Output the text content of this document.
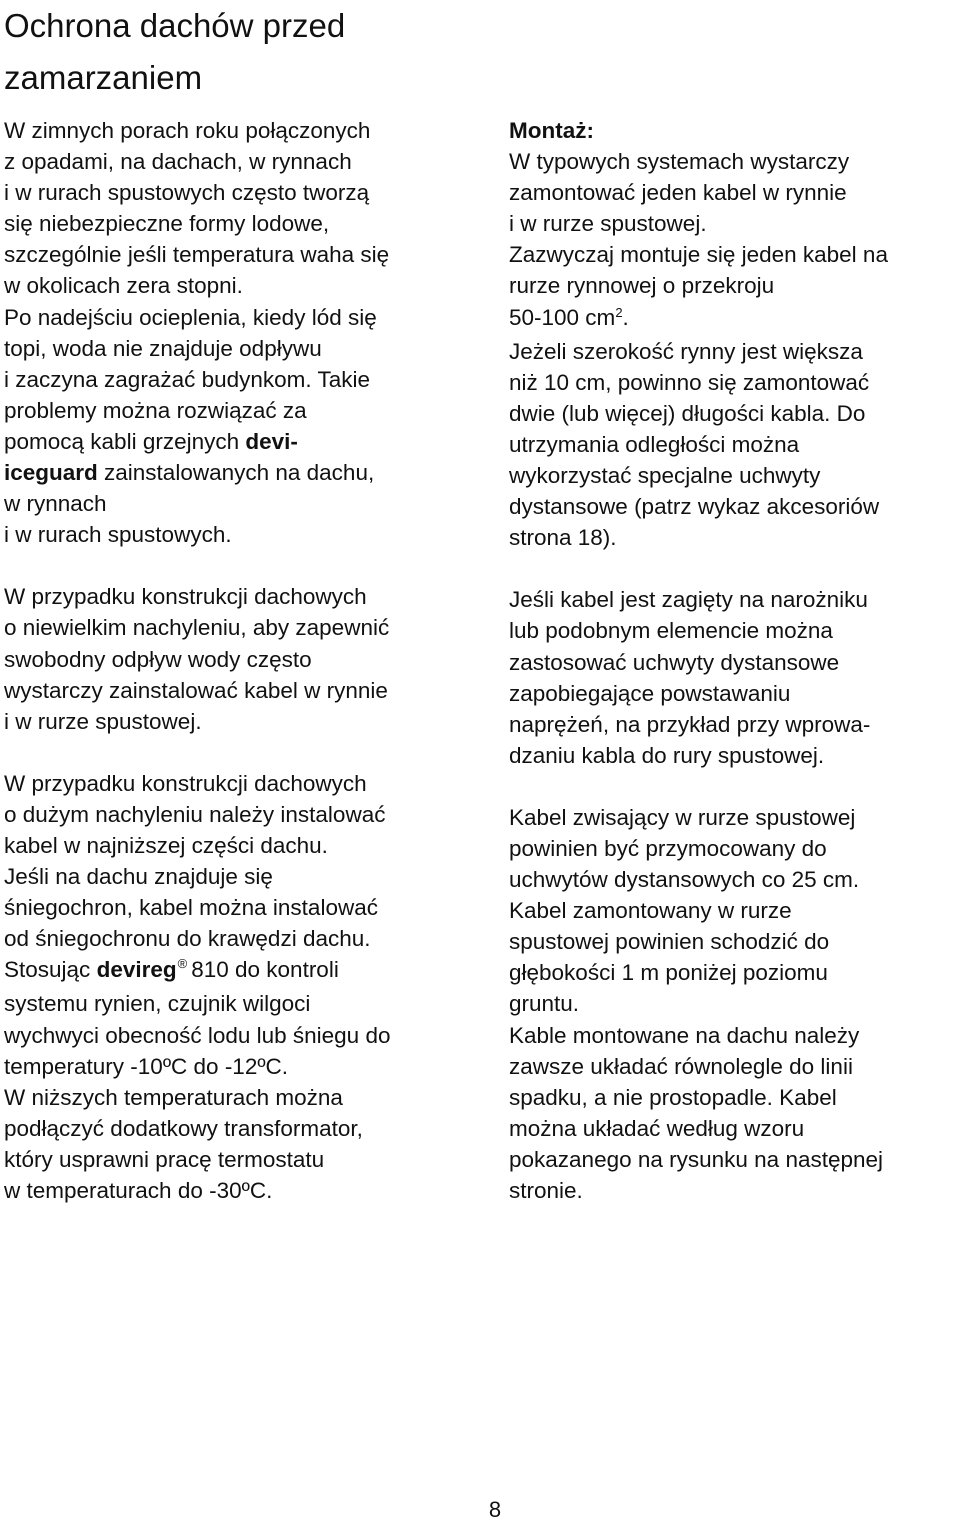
Ochrona dachów przed
zamarzaniem

W zimnych porach roku połączonych
z opadami, na dachach, w rynnach
i w rurach spustowych często tworzą
się niebezpieczne formy lodowe,
szczególnie jeśli temperatura waha się
w okolicach zera stopni.
Po nadejściu ocieplenia, kiedy lód się
topi, woda nie znajduje odpływu
i zaczyna zagrażać budynkom. Takie
problemy można rozwiązać za
pomocą kabli grzejnych devi-
iceguard zainstalowanych na dachu,
w rynnach
i w rurach spustowych.

W przypadku konstrukcji dachowych
o niewielkim nachyleniu, aby zapewnić
swobodny odpływ wody często
wystarczy zainstalować kabel w rynnie
i w rurze spustowej.

W przypadku konstrukcji dachowych
o dużym nachyleniu należy instalować
kabel w najniższej części dachu.
Jeśli na dachu znajduje się
śniegochron, kabel można instalować
od śniegochronu do krawędzi dachu.
Stosując devireg® 810 do kontroli
systemu rynien, czujnik wilgoci
wychwyci obecność lodu lub śniegu do
temperatury -10ºC do -12ºC.
W niższych temperaturach można
podłączyć dodatkowy transformator,
który usprawni pracę termostatu
w temperaturach do -30ºC.

Montaż:
W typowych systemach wystarczy
zamontować jeden kabel w rynnie
i w rurze spustowej.
Zazwyczaj montuje się jeden kabel na
rurze rynnowej o przekroju
50-100 $cm^2$.
Jeżeli szerokość rynny jest większa
niż 10 cm, powinno się zamontować
dwie (lub więcej) długości kabla. Do
utrzymania odległości można
wykorzystać specjalne uchwyty
dystansowe (patrz wykaz akcesoriów
strona 18).

Jeśli kabel jest zagięty na narożniku
lub podobnym elemencie można
zastosować uchwyty dystansowe
zapobiegające powstawaniu
naprężeń, na przykład przy wprowa-
dzaniu kabla do rury spustowej.

Kabel zwisający w rurze spustowej
powinien być przymocowany do
uchwytów dystansowych co 25 cm.
Kabel zamontowany w rurze
spustowej powinien schodzić do
głębokości 1 m poniżej poziomu
gruntu.
Kable montowane na dachu należy
zawsze układać równolegle do linii
spadku, a nie prostopadle. Kabel
można układać według wzoru
pokazanego na rysunku na następnej
stronie.

8
